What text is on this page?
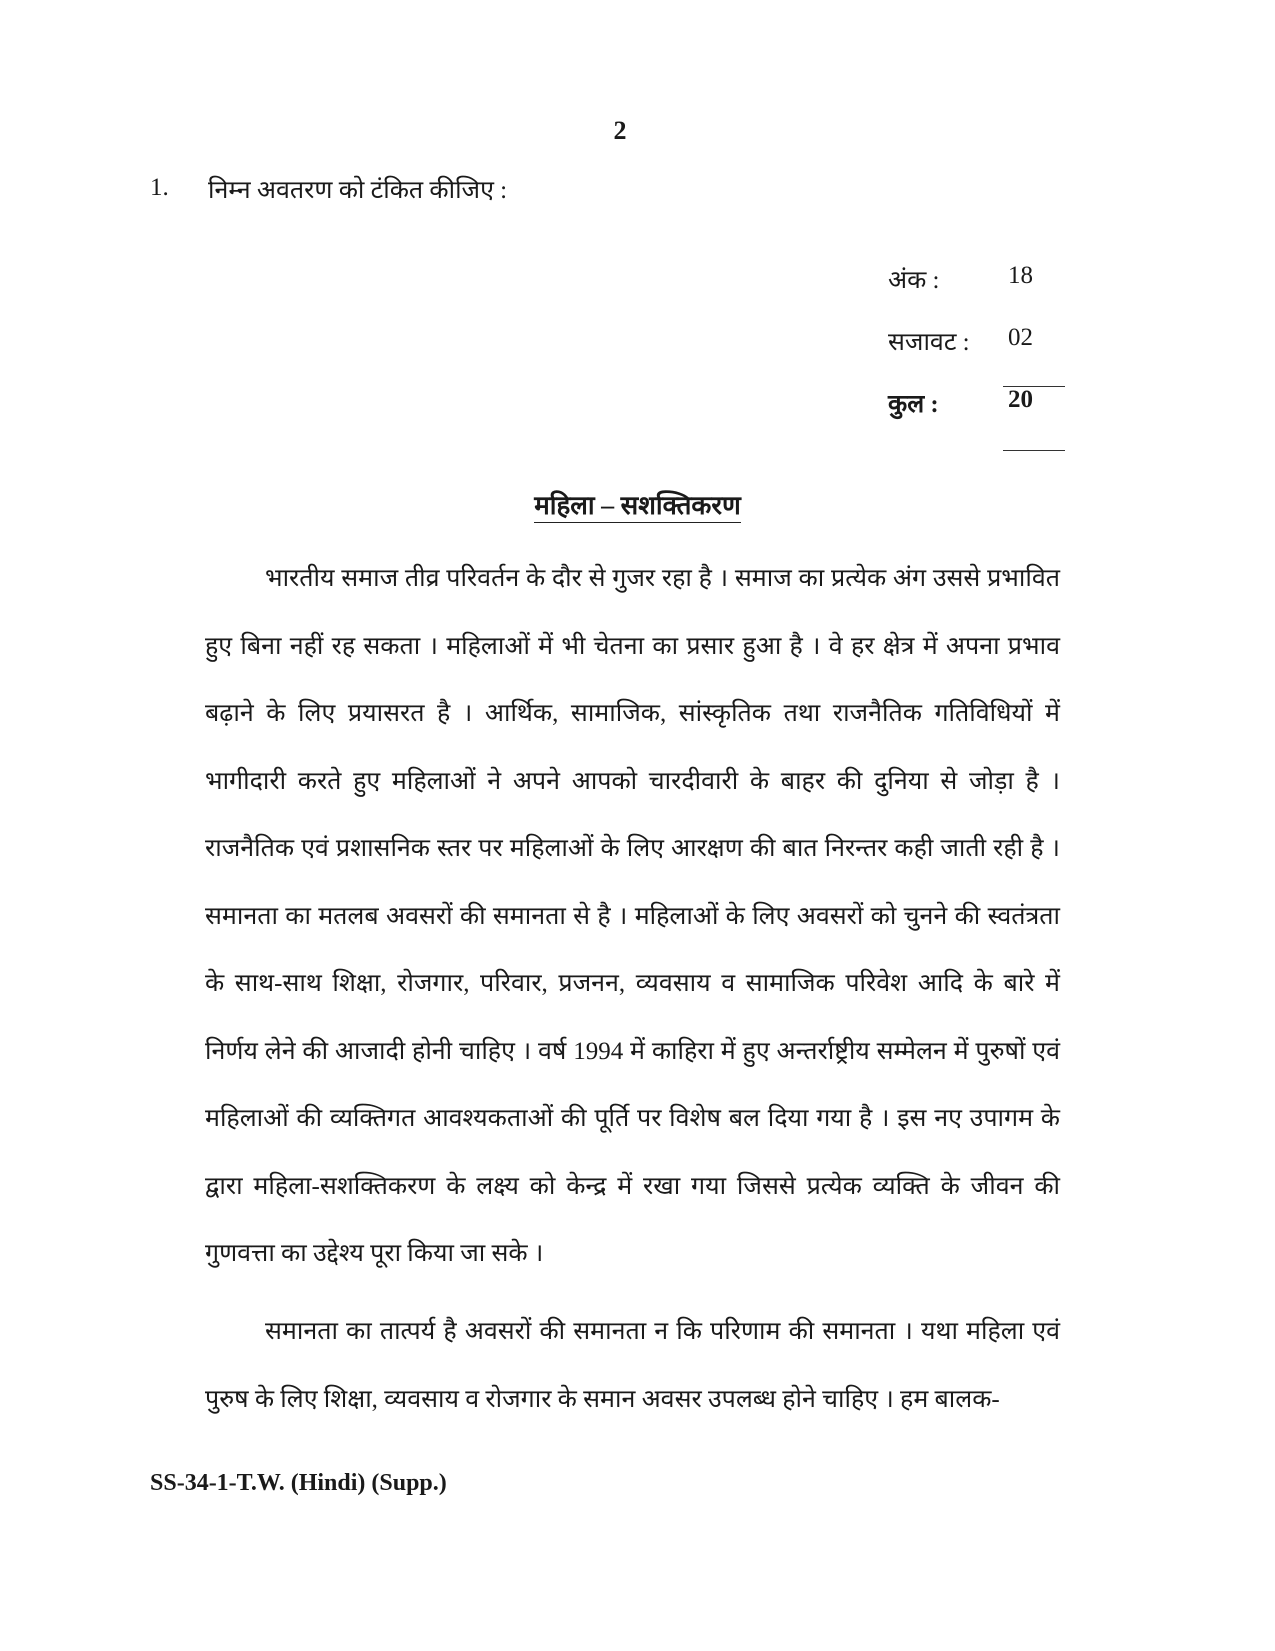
2
1. निम्न अवतरण को टंकित कीजिए :
अंक :	18
सजावट : 02
कुल :	20
महिला – सशक्तिकरण

भारतीय समाज तीव्र परिवर्तन के दौर से गुजर रहा है । समाज का प्रत्येक अंग उससे प्रभावित हुए बिना नहीं रह सकता । महिलाओं में भी चेतना का प्रसार हुआ है । वे हर क्षेत्र में अपना प्रभाव बढ़ाने के लिए प्रयासरत है । आर्थिक, सामाजिक, सांस्कृतिक तथा राजनैतिक गतिविधियों में भागीदारी करते हुए महिलाओं ने अपने आपको चारदीवारी के बाहर की दुनिया से जोड़ा है । राजनैतिक एवं प्रशासनिक स्तर पर महिलाओं के लिए आरक्षण की बात निरन्तर कही जाती रही है । समानता का मतलब अवसरों की समानता से है । महिलाओं के लिए अवसरों को चुनने की स्वतंत्रता के साथ-साथ शिक्षा, रोजगार, परिवार, प्रजनन, व्यवसाय व सामाजिक परिवेश आदि के बारे में निर्णय लेने की आजादी होनी चाहिए । वर्ष 1994 में काहिरा में हुए अन्तर्राष्ट्रीय सम्मेलन में पुरुषों एवं महिलाओं की व्यक्तिगत आवश्यकताओं की पूर्ति पर विशेष बल दिया गया है । इस नए उपागम के द्वारा महिला-सशक्तिकरण के लक्ष्य को केन्द्र में रखा गया जिससे प्रत्येक व्यक्ति के जीवन की गुणवत्ता का उद्देश्य पूरा किया जा सके ।

समानता का तात्पर्य है अवसरों की समानता न कि परिणाम की समानता । यथा महिला एवं पुरुष के लिए शिक्षा, व्यवसाय व रोजगार के समान अवसर उपलब्ध होने चाहिए । हम बालक-

SS-34-1-T.W. (Hindi) (Supp.)
